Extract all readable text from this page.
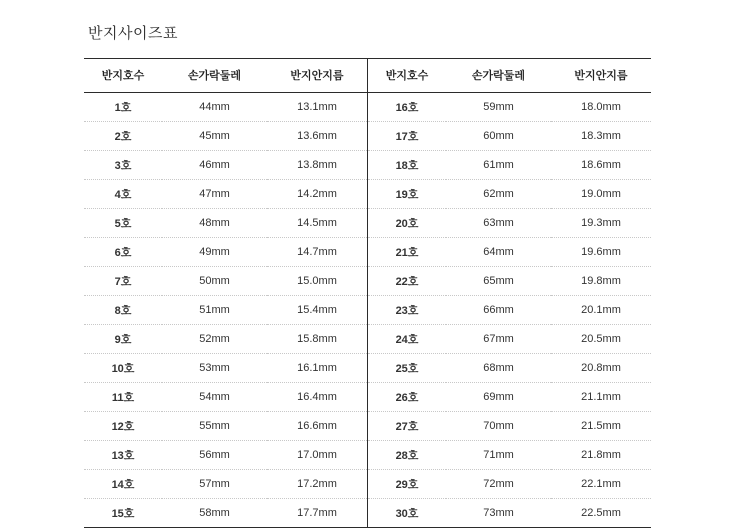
반지사이즈표
반지호수	손가락둘레	반지안지름	반지호수	손가락둘레	반지안지름
1호	44mm	13.1mm	16호	59mm	18.0mm
2호	45mm	13.6mm	17호	60mm	18.3mm
3호	46mm	13.8mm	18호	61mm	18.6mm
4호	47mm	14.2mm	19호	62mm	19.0mm
5호	48mm	14.5mm	20호	63mm	19.3mm
6호	49mm	14.7mm	21호	64mm	19.6mm
7호	50mm	15.0mm	22호	65mm	19.8mm
8호	51mm	15.4mm	23호	66mm	20.1mm
9호	52mm	15.8mm	24호	67mm	20.5mm
10호	53mm	16.1mm	25호	68mm	20.8mm
11호	54mm	16.4mm	26호	69mm	21.1mm
12호	55mm	16.6mm	27호	70mm	21.5mm
13호	56mm	17.0mm	28호	71mm	21.8mm
14호	57mm	17.2mm	29호	72mm	22.1mm
15호	58mm	17.7mm	30호	73mm	22.5mm
